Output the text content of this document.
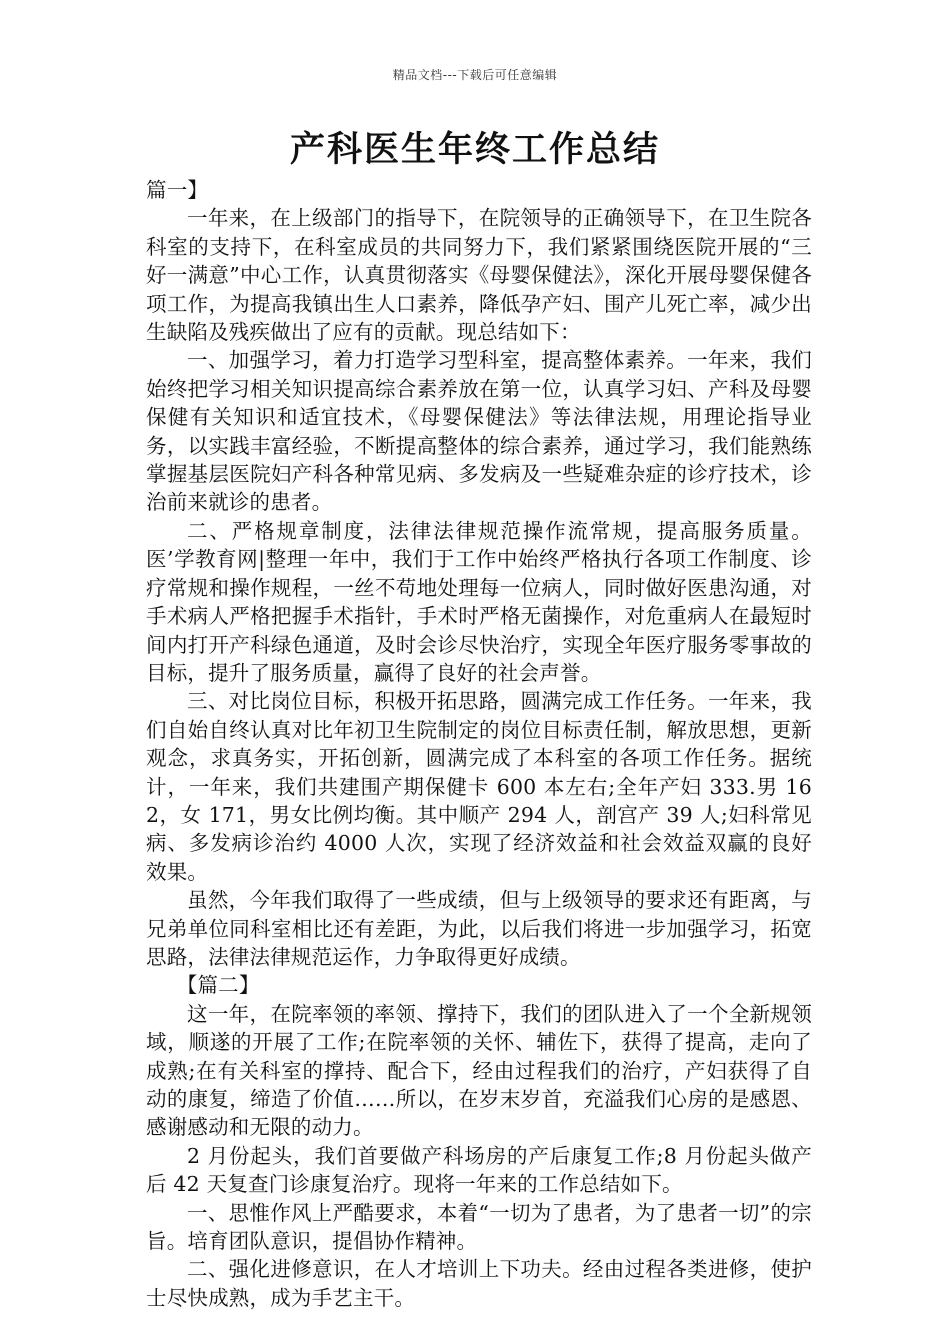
精品文档---下载后可任意编辑
产科医生年终工作总结

篇一】

一年来，在上级部门的指导下，在院领导的正确领导下，在卫生院各科室的支持下，在科室成员的共同努力下，我们紧紧围绕医院开展的“三好一满意”中心工作，认真贯彻落实《母婴保健法》，深化开展母婴保健各项工作，为提高我镇出生人口素养，降低孕产妇、围产儿死亡率，减少出生缺陷及残疾做出了应有的贡献。现总结如下：

一、加强学习，着力打造学习型科室，提高整体素养。一年来，我们始终把学习相关知识提高综合素养放在第一位，认真学习妇、产科及母婴保健有关知识和适宜技术，《母婴保健法》等法律法规，用理论指导业务，以实践丰富经验，不断提高整体的综合素养，通过学习，我们能熟练掌握基层医院妇产科各种常见病、多发病及一些疑难杂症的诊疗技术，诊治前来就诊的患者。

二、严格规章制度，法律法律规范操作流常规，提高服务质量。医’学教育网|整理一年中，我们于工作中始终严格执行各项工作制度、诊疗常规和操作规程，一丝不苟地处理每一位病人，同时做好医患沟通，对手术病人严格把握手术指针，手术时严格无菌操作，对危重病人在最短时间内打开产科绿色通道，及时会诊尽快治疗，实现全年医疗服务零事故的目标，提升了服务质量，赢得了良好的社会声誉。

三、对比岗位目标，积极开拓思路，圆满完成工作任务。一年来，我们自始自终认真对比年初卫生院制定的岗位目标责任制，解放思想，更新观念，求真务实，开拓创新，圆满完成了本科室的各项工作任务。据统计，一年来，我们共建围产期保健卡 600 本左右;全年产妇 333.男 162，女 171，男女比例均衡。其中顺产 294 人，剖宫产 39 人;妇科常见病、多发病诊治约 4000 人次，实现了经济效益和社会效益双赢的良好效果。

虽然，今年我们取得了一些成绩，但与上级领导的要求还有距离，与兄弟单位同科室相比还有差距，为此，以后我们将进一步加强学习，拓宽思路，法律法律规范运作，力争取得更好成绩。

【篇二】

这一年，在院率领的率领、撑持下，我们的团队进入了一个全新规领域，顺遂的开展了工作;在院率领的关怀、辅佐下，获得了提高，走向了成熟;在有关科室的撑持、配合下，经由过程我们的治疗，产妇获得了自动的康复，缔造了价值……所以，在岁末岁首，充溢我们心房的是感恩、感谢感动和无限的动力。

2 月份起头，我们首要做产科场房的产后康复工作;8 月份起头做产后 42 天复查门诊康复治疗。现将一年来的工作总结如下。

一、思惟作风上严酷要求，本着“一切为了患者，为了患者一切”的宗旨。培育团队意识，提倡协作精神。

二、强化进修意识，在人才培训上下功夫。经由过程各类进修，使护士尽快成熟，成为手艺主干。
